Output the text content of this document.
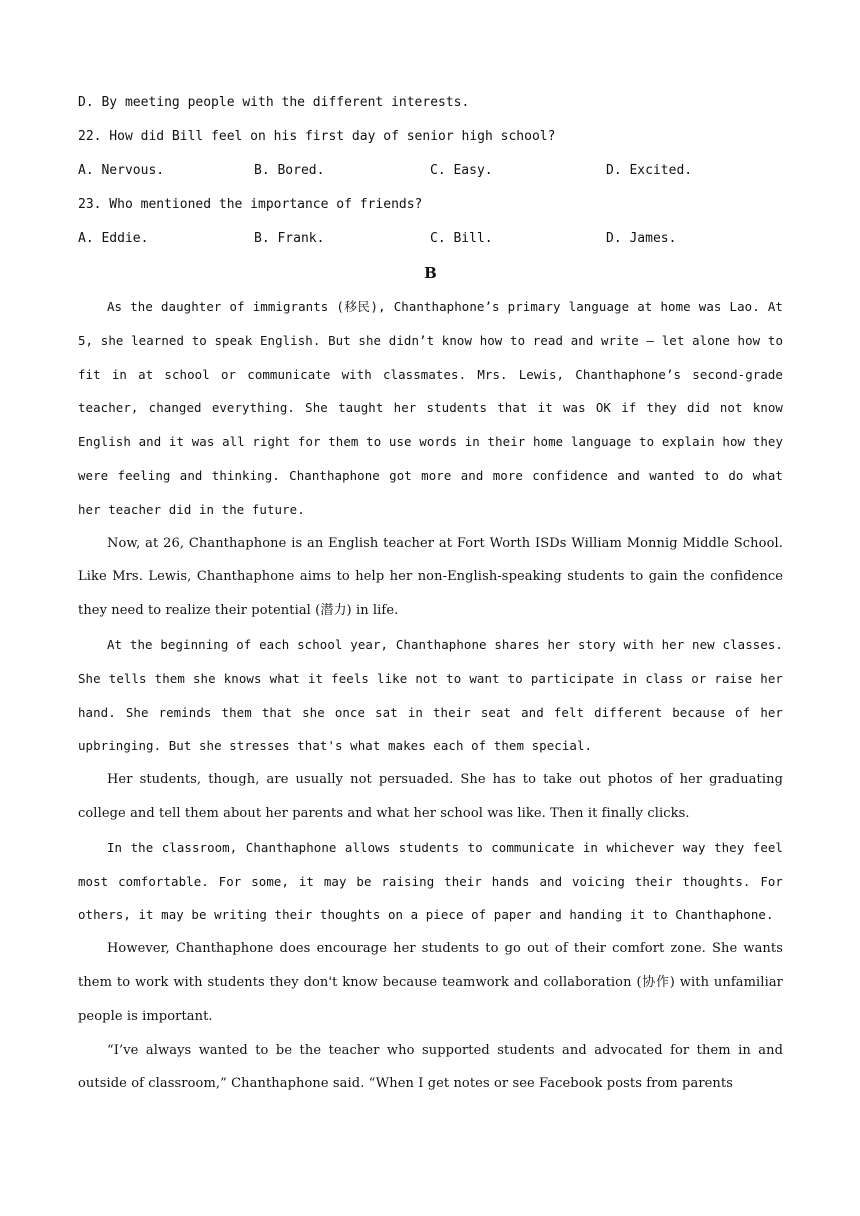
D. By meeting people with the different interests.
22. How did Bill feel on his first day of senior high school?
A. Nervous.	B. Bored.	C. Easy.	D. Excited.
23. Who mentioned the importance of friends?
A. Eddie.	B. Frank.	C. Bill.	D. James.
B
As the daughter of immigrants (移民), Chanthaphone’s primary language at home was Lao. At 5, she learned to speak English. But she didn’t know how to read and write — let alone how to fit in at school or communicate with classmates. Mrs. Lewis, Chanthaphone’s second-grade teacher, changed everything. She taught her students that it was OK if they did not know English and it was all right for them to use words in their home language to explain how they were feeling and thinking. Chanthaphone got more and more confidence and wanted to do what her teacher did in the future.
Now, at 26, Chanthaphone is an English teacher at Fort Worth ISDs William Monnig Middle School. Like Mrs. Lewis, Chanthaphone aims to help her non-English-speaking students to gain the confidence they need to realize their potential (潜力) in life.
At the beginning of each school year, Chanthaphone shares her story with her new classes. She tells them she knows what it feels like not to want to participate in class or raise her hand. She reminds them that she once sat in their seat and felt different because of her upbringing. But she stresses that's what makes each of them special.
Her students, though, are usually not persuaded. She has to take out photos of her graduating college and tell them about her parents and what her school was like. Then it finally clicks.
In the classroom, Chanthaphone allows students to communicate in whichever way they feel most comfortable. For some, it may be raising their hands and voicing their thoughts. For others, it may be writing their thoughts on a piece of paper and handing it to Chanthaphone.
However, Chanthaphone does encourage her students to go out of their comfort zone. She wants them to work with students they don't know because teamwork and collaboration (协作) with unfamiliar people is important.
“I’ve always wanted to be the teacher who supported students and advocated for them in and outside of classroom,” Chanthaphone said. “When I get notes or see Facebook posts from parents
